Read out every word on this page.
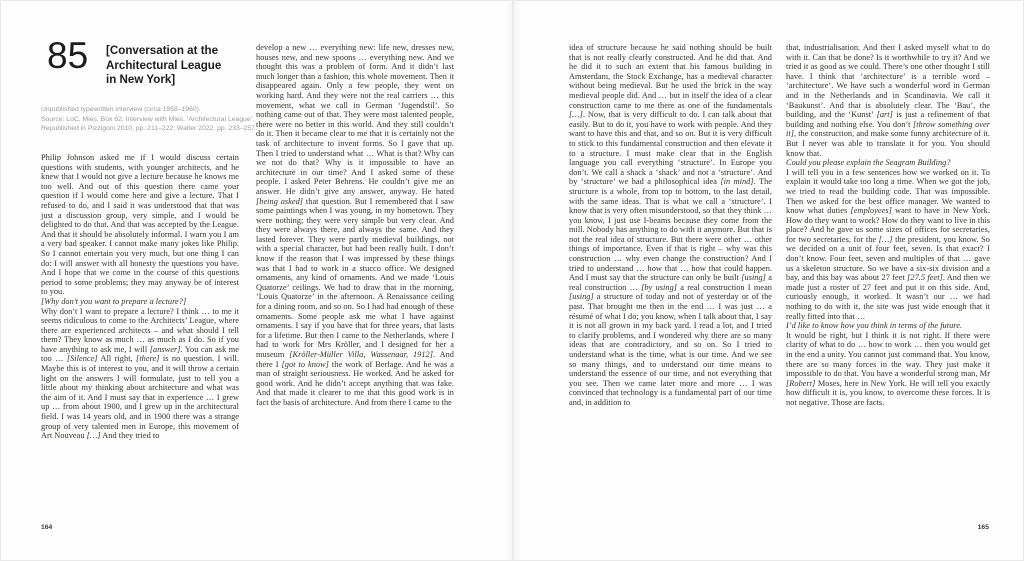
85 [Conversation at the
Architectural League
in New York]
Unpublished typewritten interview (circa 1958–1960).
Source: LoC, Mies, Box 62, Interview with Mies, ‘Architectural League’.
Republished in Pizzigoni 2010, pp. 211–222; Walter 2022, pp. 233–257.

Philip Johnson asked me if I would discuss certain questions with students, with younger architects, and he knew that I would not give a lecture because he knows me too well. And out of this question there came your question if I would come here and give a lecture. That I refused to do, and I said it was understood that that was just a discussion group, very simple, and I would be delighted to do that. And that was accepted by the League. And that it should be absolutely informal. I warn you I am a very bad speaker. I cannot make many jokes like Philip. So I cannot entertain you very much, but one thing I can do: I will answer with all honesty the questions you have. And I hope that we come in the course of this questions period to some problems; they may anyway be of interest to you.

[Why don’t you want to prepare a lecture?]

Why don’t I want to prepare a lecture? I think … to me it seems ridiculous to come to the Architects’ League, where there are experienced architects – and what should I tell them? They know as much … as much as I do. So if you have anything to ask me, I will [answer]. You can ask me too … [Silence] All right, [there] is no question. I will. Maybe this is of interest to you, and it will throw a certain light on the answers I will formulate, just to tell you a little about my thinking about architecture and what was the aim of it. And I must say that in experience … I grew up … from about 1900, and I grew up in the architectural field. I was 14 years old, and in 1900 there was a strange group of very talented men in Europe, this movement of Art Nouveau […] And they tried to

develop a new … everything new: life new, dresses new, houses new, and new spoons … everything new. And we thought this was a problem of form. And it didn’t last much longer than a fashion, this whole movement. Then it disappeared again. Only a few people, they went on working hard. And they were not the real carriers … this movement, what we call in German ‘Jugendstil’. So nothing came out of that. They were most talented people, there were no better in this world. And they still couldn’t do it. Then it became clear to me that it is certainly not the task of architecture to invent forms. So I gave that up. Then I tried to understand what … What is that? Why can we not do that? Why is it impossible to have an architecture in our time? And I asked some of these people. I asked Peter Behrens. He couldn’t give me an answer. He didn’t give any answer, anyway. He hated [being asked] that question. But I remembered that I saw some paintings when I was young, in my hometown. They were nothing; they were very simple but very clear. And they were always there, and always the same. And they lasted forever. They were partly medieval buildings, not with a special character, but had been really built. I don’t know if the reason that I was impressed by these things was that I had to work in a stucco office. We designed ornaments, any kind of ornaments. And we made ‘Louis Quatorze’ ceilings. We had to draw that in the morning, ‘Louis Quatorze’ in the afternoon. A Renaissance ceiling for a dining room, and so on. So I had had enough of these ornaments. Some people ask me what I have against ornaments. I say if you have that for three years, that lasts for a lifetime. But then I came to the Netherlands, where I had to work for Mrs Kröller, and I designed for her a museum [Kröller-Müller Villa, Wassenaar, 1912]. And there I [got to know] the work of Berlage. And he was a man of straight seriousness. He worked. And he asked for good work. And he didn’t accept anything that was fake. And that made it clearer to me that this good work is in fact the basis of architecture. And from there I came to the

164

idea of structure because he said nothing should be built that is not really clearly constructed. And he did that. And he did it to such an extent that his famous building in Amsterdam, the Stock Exchange, has a medieval character without being medieval. But he used the brick in the way medieval people did. And … but in itself the idea of a clear construction came to me there as one of the fundamentals […]. Now, that is very difficult to do. I can talk about that easily. But to do it, you have to work with people. And they want to have this and that, and so on. But it is very difficult to stick to this fundamental construction and then elevate it to a structure. I must make clear that in the English language you call everything ‘structure’. In Europe you don’t. We call a shack a ‘shack’ and not a ‘structure’. And by ‘structure’ we had a philosophical idea [in mind]. The structure is a whole, from top to bottom, to the last detail, with the same ideas. That is what we call a ‘structure’. I know that is very often misunderstood, so that they think … you know, I just use I-beams because they come from the mill. Nobody has anything to do with it anymore. But that is not the real idea of structure. But there were other … other things of importance. Even if that is right – why was this construction … why even change the construction? And I tried to understand … how that … how that could happen. And I must say that the structure can only be built [using] a real construction … [by using] a real construction I mean [using] a structure of today and not of yesterday or of the past. That brought me then in the end … I was just … a résumé of what I do; you know, when I talk about that, I say it is not all grown in my back yard. I read a lot, and I tried to clarify problems, and I wondered why there are so many ideas that are contradictory, and so on. So I tried to understand what is the time, what is our time. And we see so many things, and to understand our time means to understand the essence of our time, and not everything that you see. Then we came later more and more … I was convinced that technology is a fundamental part of our time and, in addition to

that, industrialisation. And then I asked myself what to do with it. Can that be done? Is it worthwhile to try it? And we tried it as good as we could. There’s one other thought I still have. I think that ‘architecture’ is a terrible word – ‘architecture’. We have such a wonderful word in German and in the Netherlands and in Scandinavia. We call it ‘Baukunst’. And that is absolutely clear. The ‘Bau’, the building, and the ‘Kunst’ [art] is just a refinement of that building and nothing else. You don’t [throw something over it], the construction, and make some funny architecture of it. But I never was able to translate it for you. You should know that.

Could you please explain the Seagram Building?

I will tell you in a few sentences how we worked on it. To explain it would take too long a time. When we got the job, we tried to read the building code. That was impossible. Then we asked for the best office manager. We wanted to know what duties [employees] want to have in New York. How do they want to work? How do they want to live in this place? And he gave us some sizes of offices for secretaries, for two secretaries, for the […] the president, you know. So we decided on a unit of four feet, seven. Is that exact? I don’t know. Four feet, seven and multiples of that … gave us a skeleton structure. So we have a six-six division and a bay, and this bay was about 27 feet [27.5 feet]. And then we made just a roster of 27 feet and put it on this side. And, curiously enough, it worked. It wasn’t our … we had nothing to do with it, the site was just wide enough that it really fitted into that …

I’d like to know how you think in terms of the future.

It would be right, but I think it is not right. If there were clarity of what to do … how to work … then you would get in the end a unity. You cannot just command that. You know, there are so many forces in the way. They just make it impossible to do that. You have a wonderful strong man, Mr [Robert] Moses, here in New York. He will tell you exactly how difficult it is, you know, to overcome these forces. It is not negative. Those are facts.

165
